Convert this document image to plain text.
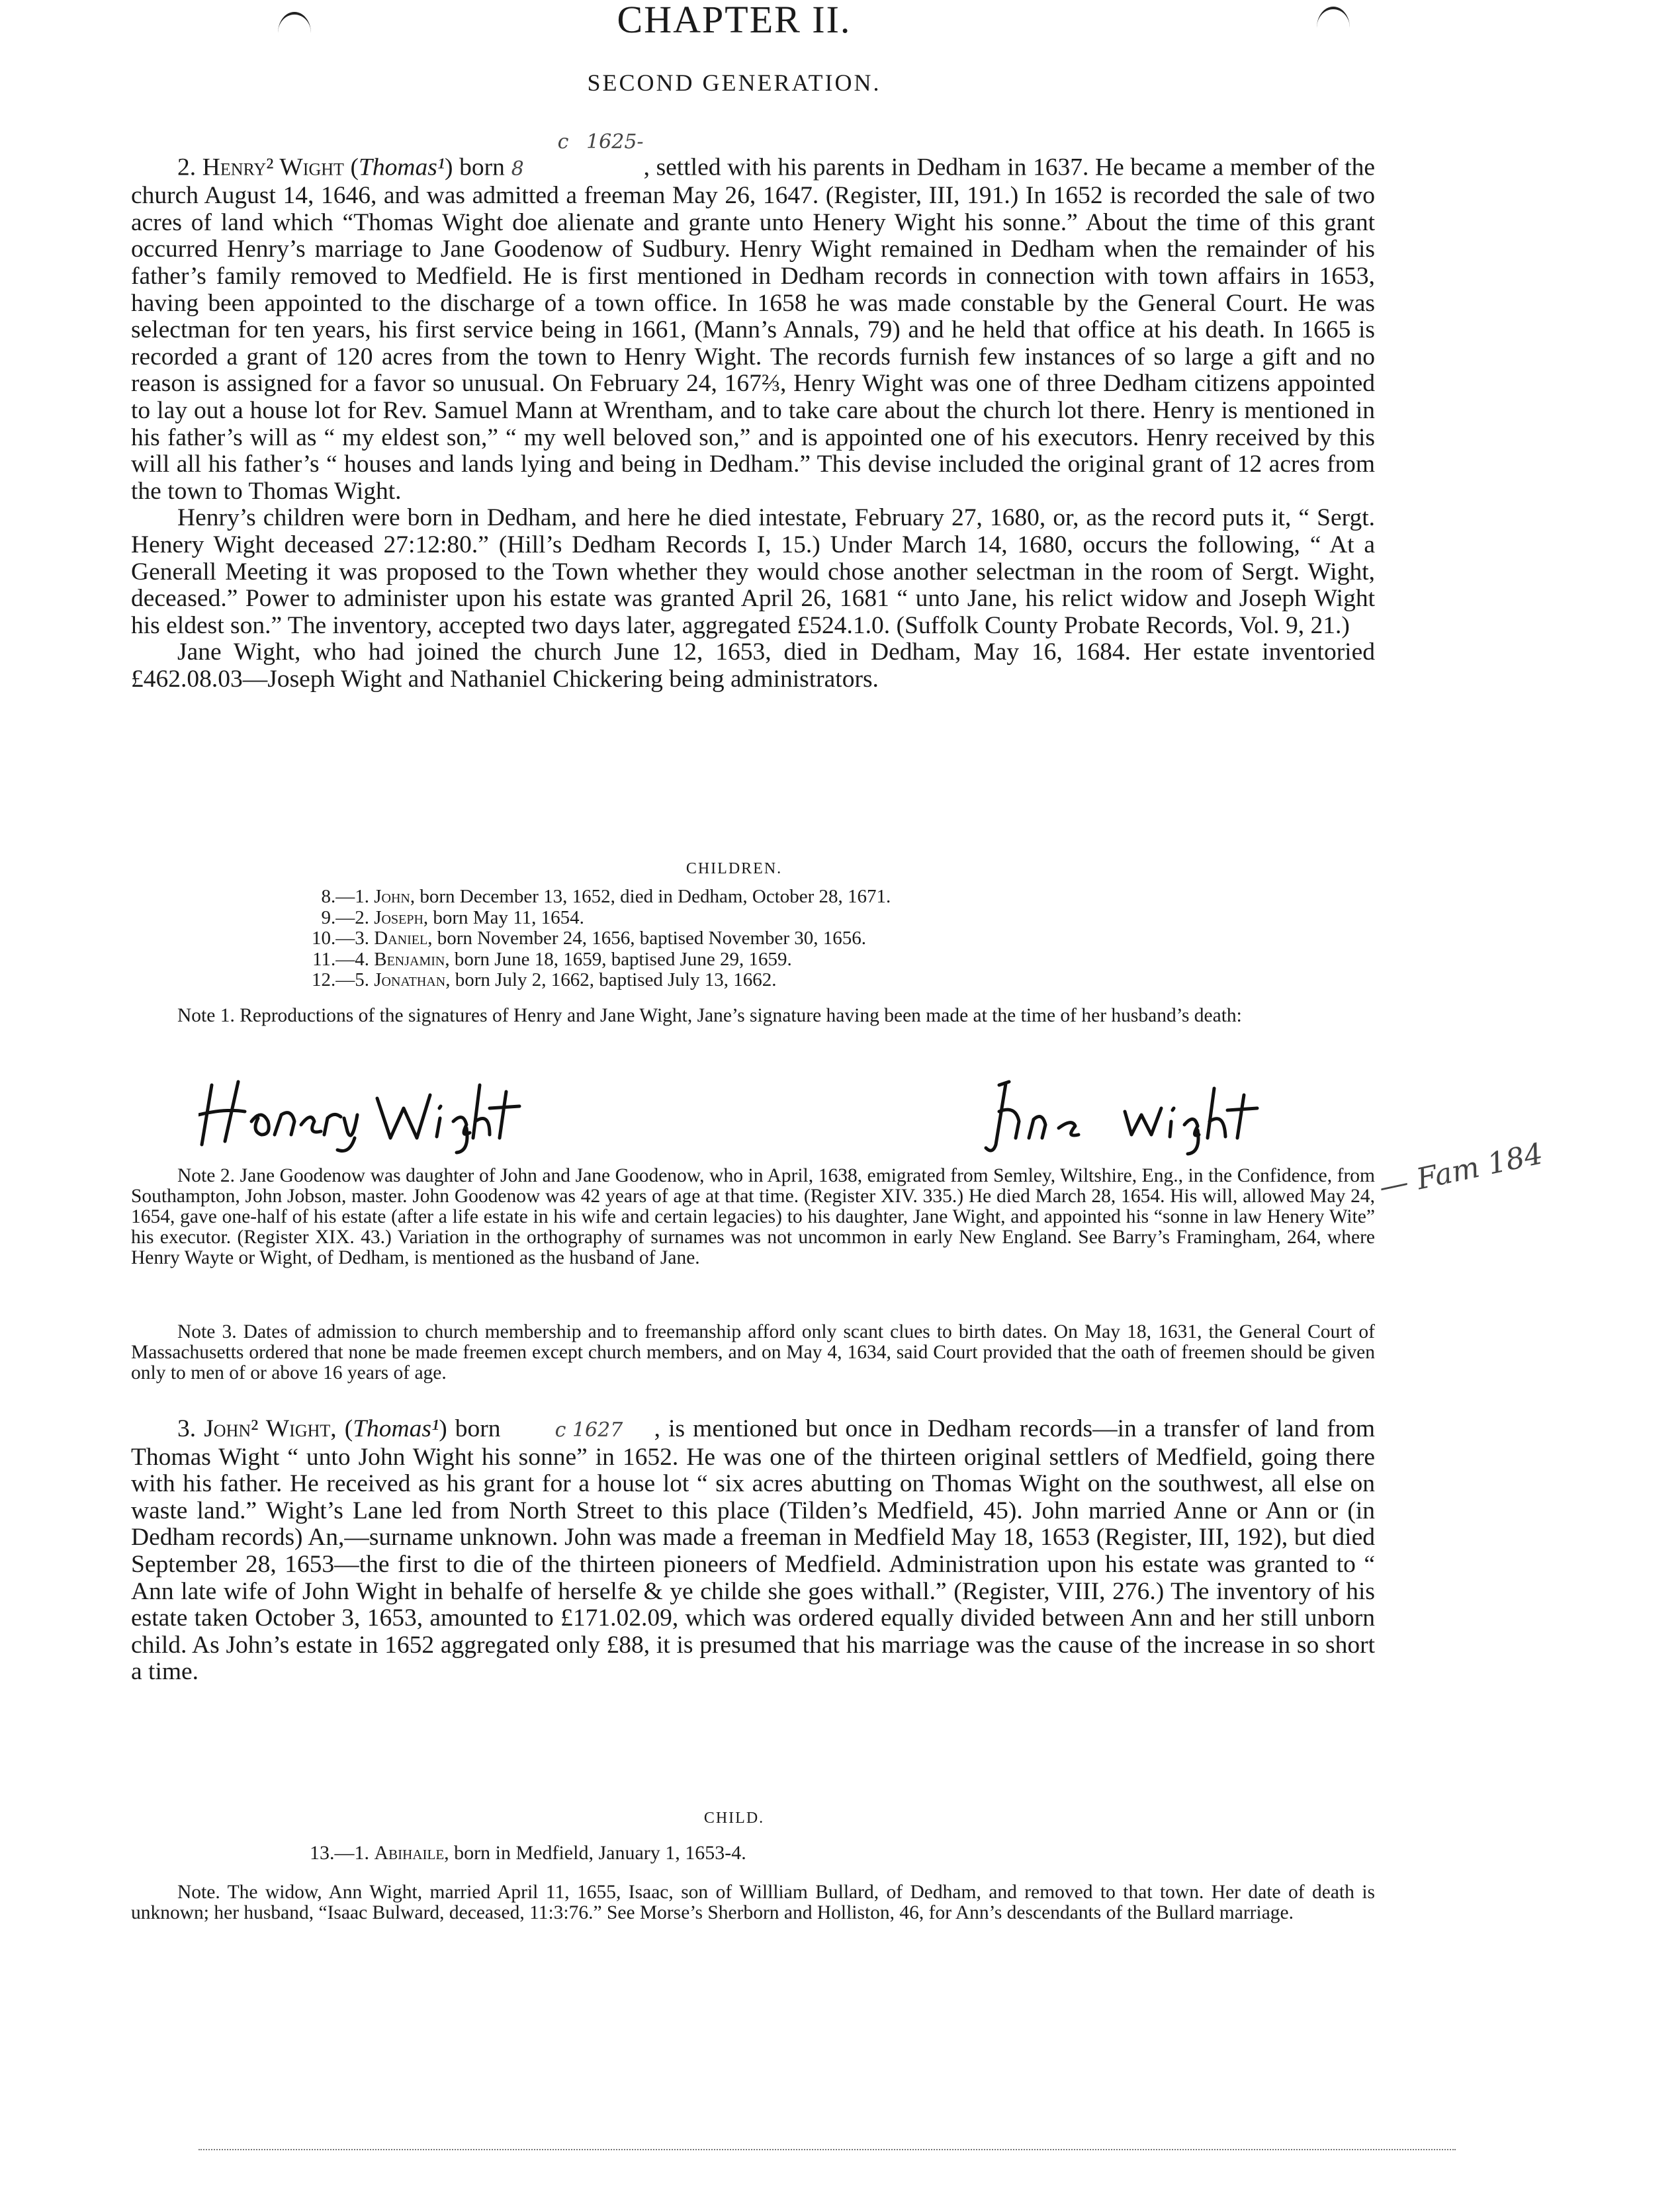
CHAPTER II.
SECOND GENERATION.

2. Henry² Wight (Thomas¹) born c 1625-8	, settled with his parents in Dedham in 1637. He became a member of the church August 14, 1646, and was admitted a freeman May 26, 1647. (Register, III, 191.) In 1652 is recorded the sale of two acres of land which “Thomas Wight doe alienate and grante unto Henery Wight his sonne.” About the time of this grant occurred Henry’s marriage to Jane Goodenow of Sudbury. Henry Wight remained in Dedham when the remainder of his father’s family removed to Medfield. He is first mentioned in Dedham records in connection with town affairs in 1653, having been appointed to the discharge of a town office. In 1658 he was made constable by the General Court. He was selectman for ten years, his first service being in 1661, (Mann’s Annals, 79) and he held that office at his death. In 1665 is recorded a grant of 120 acres from the town to Henry Wight. The records furnish few instances of so large a gift and no reason is assigned for a favor so unusual. On February 24, 167⅔, Henry Wight was one of three Dedham citizens appointed to lay out a house lot for Rev. Samuel Mann at Wrentham, and to take care about the church lot there. Henry is mentioned in his father’s will as “ my eldest son,” “ my well beloved son,” and is appointed one of his executors. Henry received by this will all his father’s “ houses and lands lying and being in Dedham.” This devise included the original grant of 12 acres from the town to Thomas Wight.

Henry’s children were born in Dedham, and here he died intestate, February 27, 1680, or, as the record puts it, “ Sergt. Henery Wight deceased 27:12:80.” (Hill’s Dedham Records I, 15.) Under March 14, 1680, occurs the following, “ At a Generall Meeting it was proposed to the Town whether they would chose another selectman in the room of Sergt. Wight, deceased.” Power to administer upon his estate was granted April 26, 1681 “ unto Jane, his relict widow and Joseph Wight his eldest son.” The inventory, accepted two days later, aggregated £524.1.0. (Suffolk County Probate Records, Vol. 9, 21.)

Jane Wight, who had joined the church June 12, 1653, died in Dedham, May 16, 1684. Her estate inventoried £462.08.03—Joseph Wight and Nathaniel Chickering being administrators.

CHILDREN.
8.—1. John, born December 13, 1652, died in Dedham, October 28, 1671.
9.—2. Joseph, born May 11, 1654.
10.—3. Daniel, born November 24, 1656, baptised November 30, 1656.
11.—4. Benjamin, born June 18, 1659, baptised June 29, 1659.
12.—5. Jonathan, born July 2, 1662, baptised July 13, 1662.

Note 1. Reproductions of the signatures of Henry and Jane Wight, Jane’s signature having been made at the time of her husband’s death:

Note 2. Jane Goodenow was daughter of John and Jane Goodenow, who in April, 1638, emigrated from Semley, Wiltshire, Eng., in the Confidence, from Southampton, John Jobson, master. John Goodenow was 42 years of age at that time. (Register XIV. 335.) He died March 28, 1654. His will, allowed May 24, 1654, gave one-half of his estate (after a life estate in his wife and certain legacies) to his daughter, Jane Wight, and appointed his “sonne in law Henery Wite” his executor. (Register XIX. 43.) Variation in the orthography of surnames was not uncommon in early New England. See Barry’s Framingham, 264, where Henry Wayte or Wight, of Dedham, is mentioned as the husband of Jane.

— Fam 184

Note 3. Dates of admission to church membership and to freemanship afford only scant clues to birth dates. On May 18, 1631, the General Court of Massachusetts ordered that none be made freemen except church members, and on May 4, 1634, said Court provided that the oath of freemen should be given only to men of or above 16 years of age.

3. John² Wight, (Thomas¹) born	c 1627 , is mentioned but once in Dedham records—in a transfer of land from Thomas Wight “ unto John Wight his sonne” in 1652. He was one of the thirteen original settlers of Medfield, going there with his father. He received as his grant for a house lot “ six acres abutting on Thomas Wight on the southwest, all else on waste land.” Wight’s Lane led from North Street to this place (Tilden’s Medfield, 45). John married Anne or Ann or (in Dedham records) An,—surname unknown. John was made a freeman in Medfield May 18, 1653 (Register, III, 192), but died September 28, 1653—the first to die of the thirteen pioneers of Medfield. Administration upon his estate was granted to “ Ann late wife of John Wight in behalfe of herselfe & ye childe she goes withall.” (Register, VIII, 276.) The inventory of his estate taken October 3, 1653, amounted to £171.02.09, which was ordered equally divided between Ann and her still unborn child. As John’s estate in 1652 aggregated only £88, it is presumed that his marriage was the cause of the increase in so short a time.

CHILD.
13.—1. Abihaile, born in Medfield, January 1, 1653-4.

Note. The widow, Ann Wight, married April 11, 1655, Isaac, son of Willliam Bullard, of Dedham, and removed to that town. Her date of death is unknown; her husband, “Isaac Bulward, deceased, 11:3:76.” See Morse’s Sherborn and Holliston, 46, for Ann’s descendants of the Bullard marriage.
